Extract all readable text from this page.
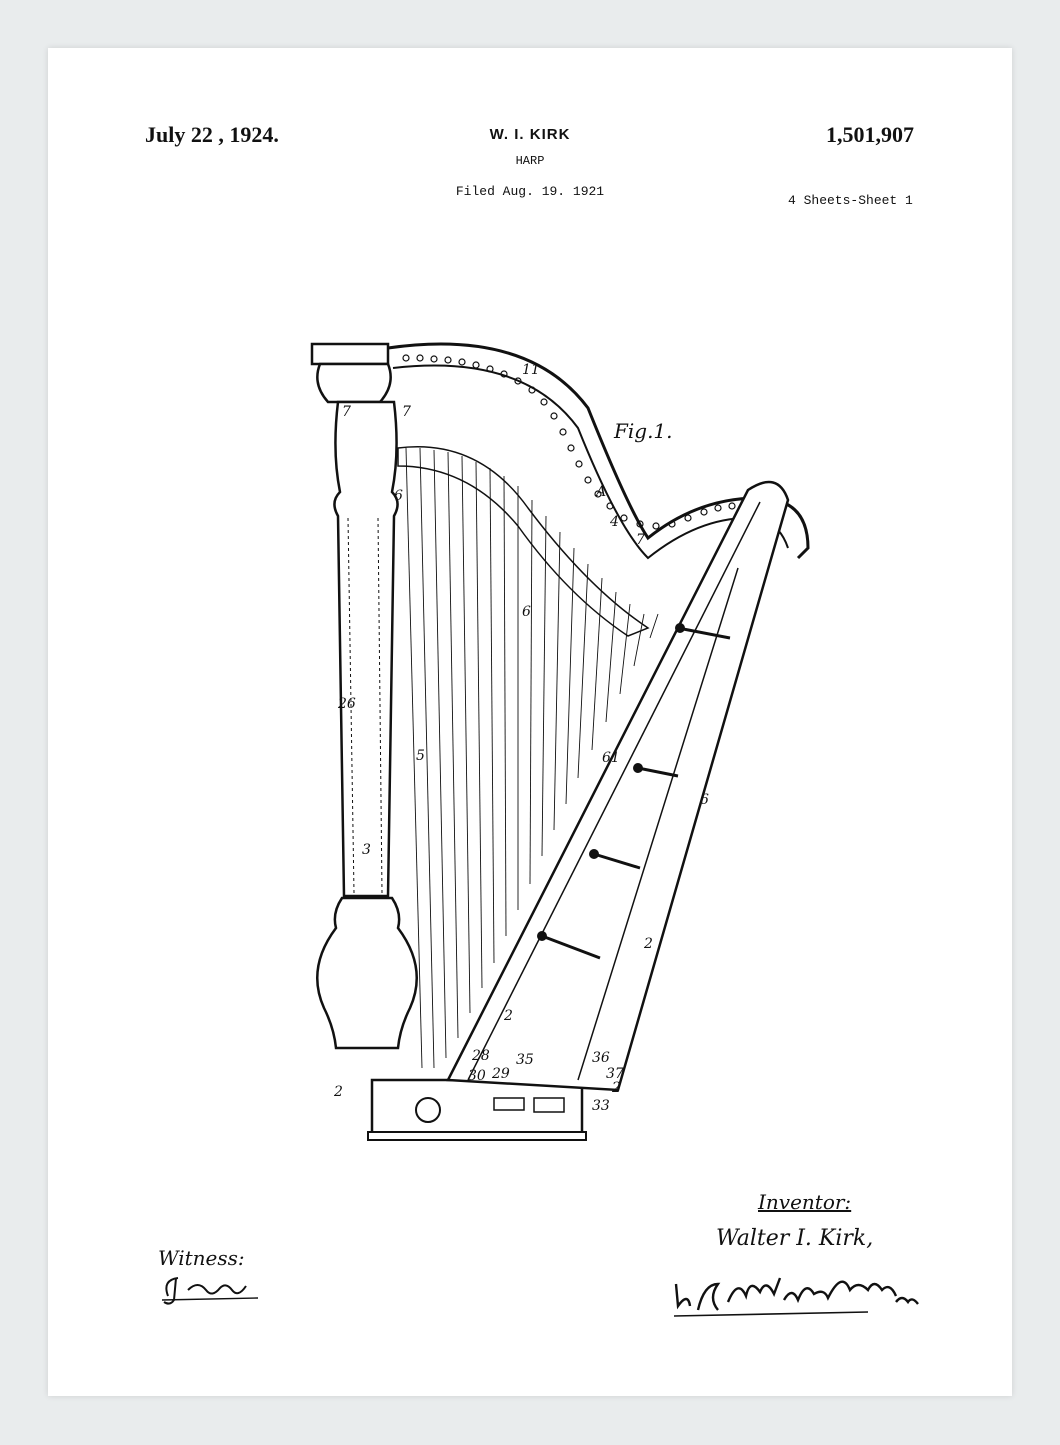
July 22 , 1924.	W. I. KIRK
HARP
Filed Aug. 19. 1921
1,501,907
4 Sheets-Sheet 1
Fig.1.
11
7	7
6	A
4
7
6
26
5
3
61
6
2
2
28
30 29
35	36
37
2
33
2
Witness:
Inventor:
Walter I. Kirk,
